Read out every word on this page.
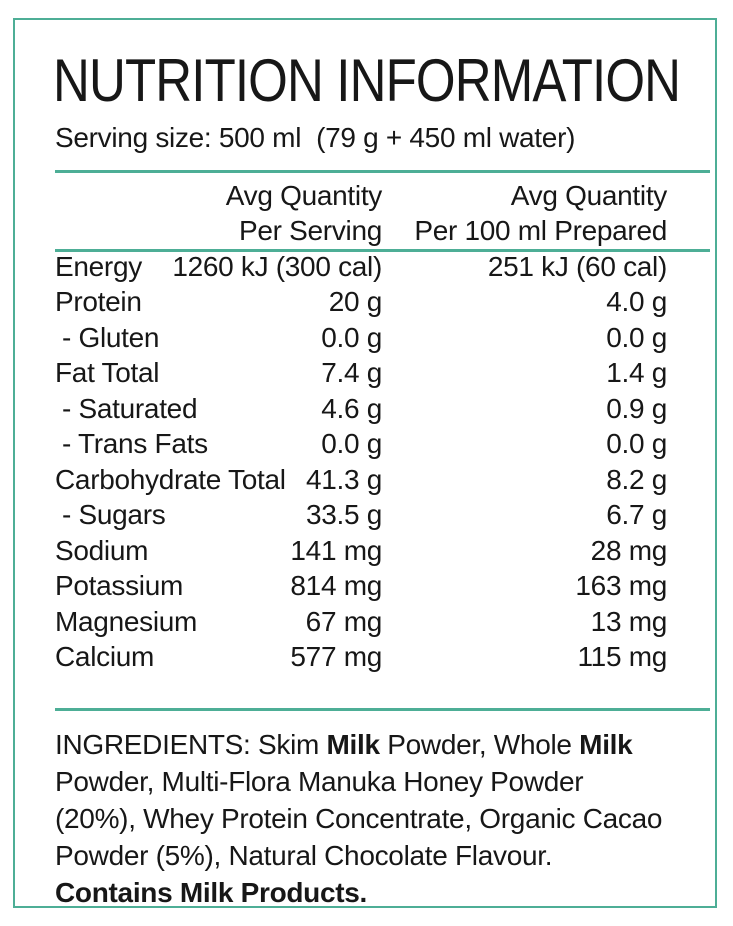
NUTRITION INFORMATION
Serving size: 500 ml  (79 g + 450 ml water)
Avg Quantity
Per Serving
Avg Quantity
Per 100 ml Prepared
Energy 1260 kJ (300 cal)	251 kJ (60 cal)
Protein	20 g	4.0 g
- Gluten	0.0 g	0.0 g
Fat Total	7.4 g	1.4 g
- Saturated	4.6 g	0.9 g
- Trans Fats	0.0 g	0.0 g
Carbohydrate Total 41.3 g	8.2 g
- Sugars	33.5 g	6.7 g
Sodium	141 mg	28 mg
Potassium	814 mg	163 mg
Magnesium	67 mg	13 mg
Calcium	577 mg	115 mg

INGREDIENTS: Skim Milk Powder, Whole Milk Powder, Multi-Flora Manuka Honey Powder (20%), Whey Protein Concentrate, Organic Cacao Powder (5%), Natural Chocolate Flavour. Contains Milk Products.
